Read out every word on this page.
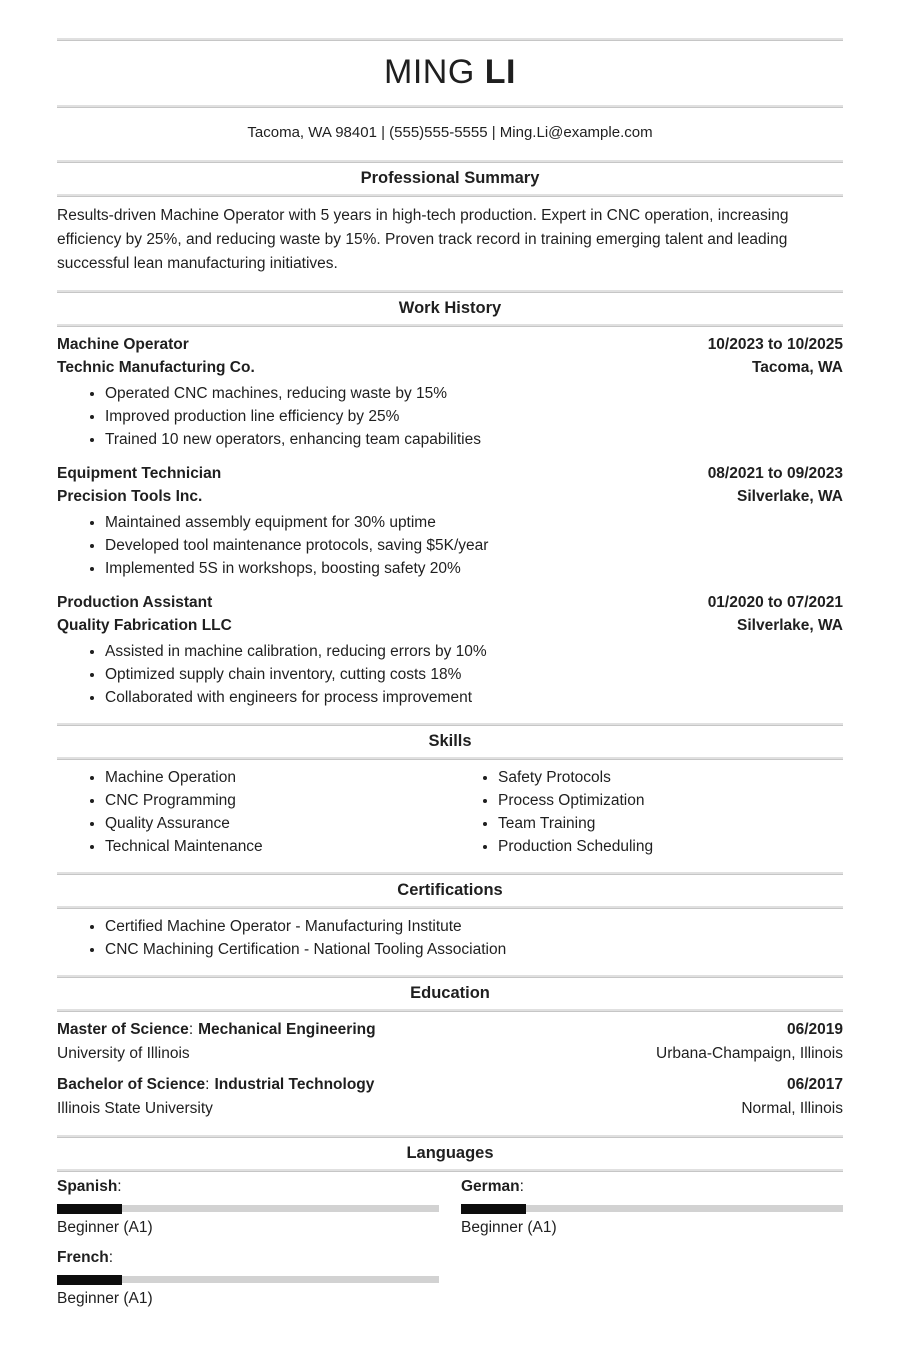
MING LI
Tacoma, WA 98401 | (555)555-5555 | Ming.Li@example.com
Professional Summary

Results-driven Machine Operator with 5 years in high-tech production. Expert in CNC operation, increasing efficiency by 25%, and reducing waste by 15%. Proven track record in training emerging talent and leading successful lean manufacturing initiatives.

Work History
Machine Operator	10/2023 to 10/2025
Technic Manufacturing Co.	Tacoma, WA
• Operated CNC machines, reducing waste by 15%
• Improved production line efficiency by 25%
• Trained 10 new operators, enhancing team capabilities
Equipment Technician	08/2021 to 09/2023
Precision Tools Inc.	Silverlake, WA
• Maintained assembly equipment for 30% uptime
• Developed tool maintenance protocols, saving $5K/year
• Implemented 5S in workshops, boosting safety 20%
Production Assistant	01/2020 to 07/2021
Quality Fabrication LLC	Silverlake, WA
• Assisted in machine calibration, reducing errors by 10%
• Optimized supply chain inventory, cutting costs 18%
• Collaborated with engineers for process improvement
Skills
• Machine Operation
• CNC Programming
• Quality Assurance
• Technical Maintenance
• Safety Protocols
• Process Optimization
• Team Training
• Production Scheduling
Certifications
• Certified Machine Operator - Manufacturing Institute
• CNC Machining Certification - National Tooling Association
Education
Master of Science: Mechanical Engineering	06/2019
University of Illinois	Urbana-Champaign, Illinois
Bachelor of Science: Industrial Technology	06/2017
Illinois State University	Normal, Illinois
Languages
Spanish:
Beginner (A1)
German:
Beginner (A1)
French:
Beginner (A1)
